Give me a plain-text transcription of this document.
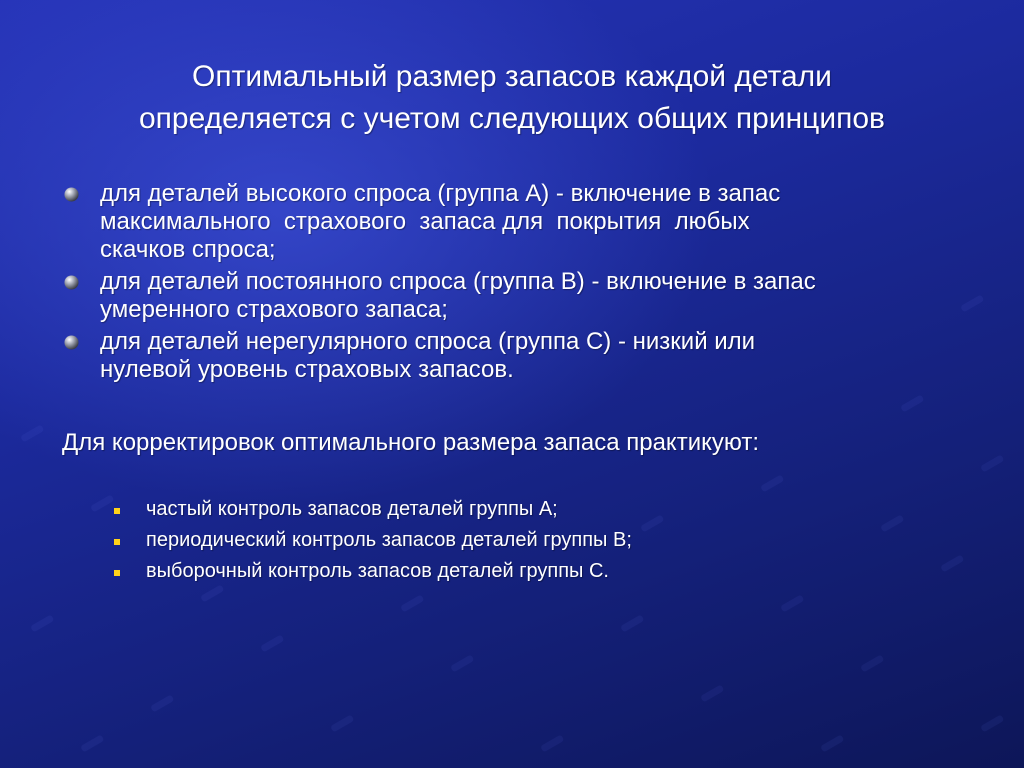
Оптимальный размер запасов каждой детали
определяется с учетом следующих общих принципов
для деталей высокого спроса (группа А) - включение в запас
максимального  страхового  запаса для  покрытия  любых
скачков спроса;
для деталей постоянного спроса (группа В) - включение в запас
умеренного страхового запаса;
для деталей нерегулярного спроса (группа С) - низкий или
нулевой уровень страховых запасов.
Для корректировок оптимального размера запаса практикуют:
частый контроль запасов деталей группы А;
периодический контроль запасов деталей группы В;
выборочный контроль запасов деталей группы С.
